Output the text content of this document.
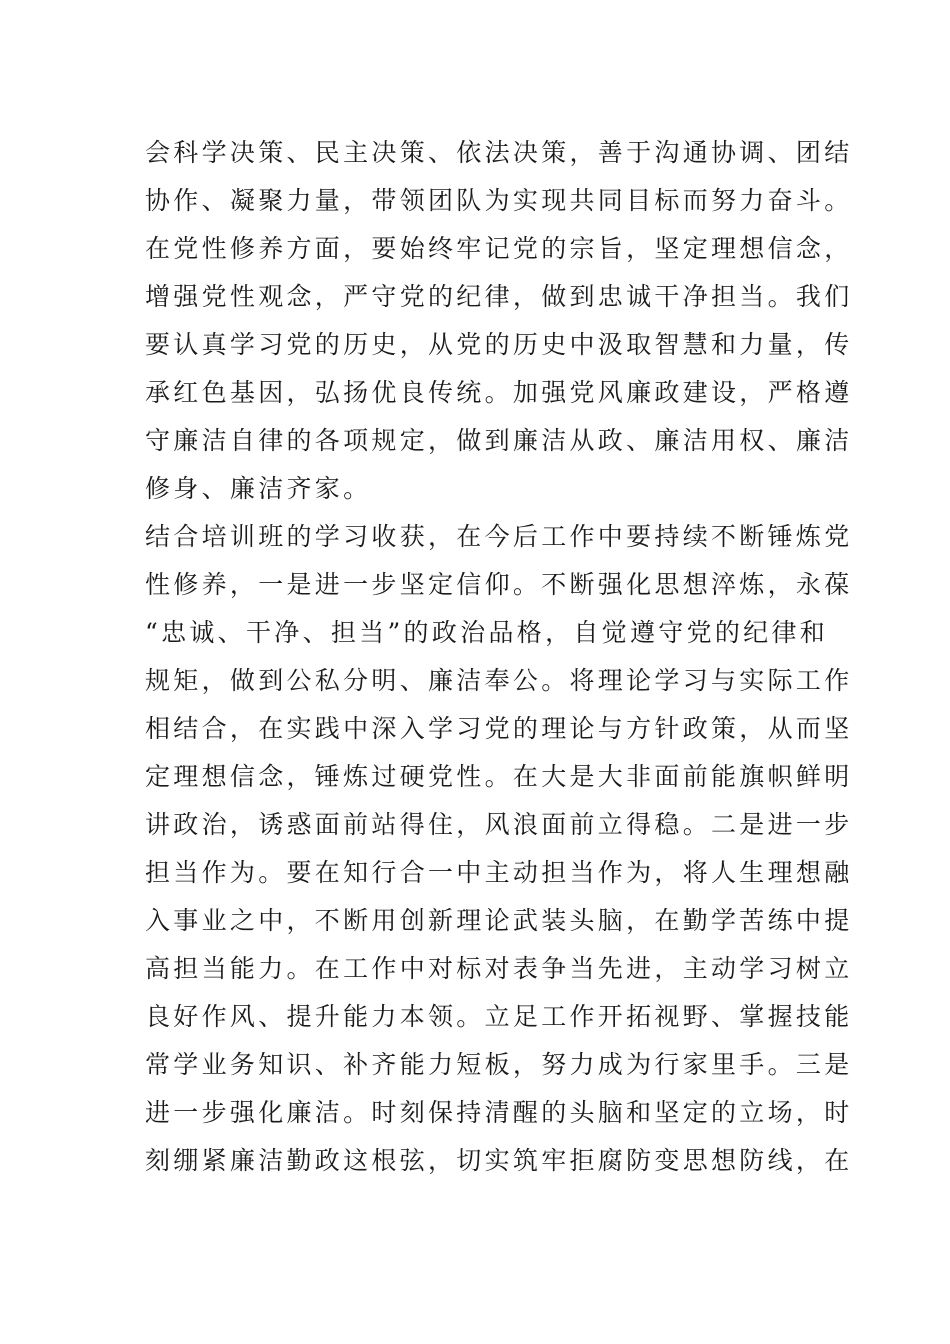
会科学决策、民主决策、依法决策，善于沟通协调、团结
协作、凝聚力量，带领团队为实现共同目标而努力奋斗。
在党性修养方面，要始终牢记党的宗旨，坚定理想信念，
增强党性观念，严守党的纪律，做到忠诚干净担当。我们
要认真学习党的历史，从党的历史中汲取智慧和力量，传
承红色基因，弘扬优良传统。加强党风廉政建设，严格遵
守廉洁自律的各项规定，做到廉洁从政、廉洁用权、廉洁
修身、廉洁齐家。
结合培训班的学习收获，在今后工作中要持续不断锤炼党
性修养，一是进一步坚定信仰。不断强化思想淬炼，永葆
“忠诚、干净、担当”的政治品格，自觉遵守党的纪律和
规矩，做到公私分明、廉洁奉公。将理论学习与实际工作
相结合，在实践中深入学习党的理论与方针政策，从而坚
定理想信念，锤炼过硬党性。在大是大非面前能旗帜鲜明
讲政治，诱惑面前站得住，风浪面前立得稳。二是进一步
担当作为。要在知行合一中主动担当作为，将人生理想融
入事业之中，不断用创新理论武装头脑，在勤学苦练中提
高担当能力。在工作中对标对表争当先进，主动学习树立
良好作风、提升能力本领。立足工作开拓视野、掌握技能
常学业务知识、补齐能力短板，努力成为行家里手。三是
进一步强化廉洁。时刻保持清醒的头脑和坚定的立场，时
刻绷紧廉洁勤政这根弦，切实筑牢拒腐防变思想防线，在
